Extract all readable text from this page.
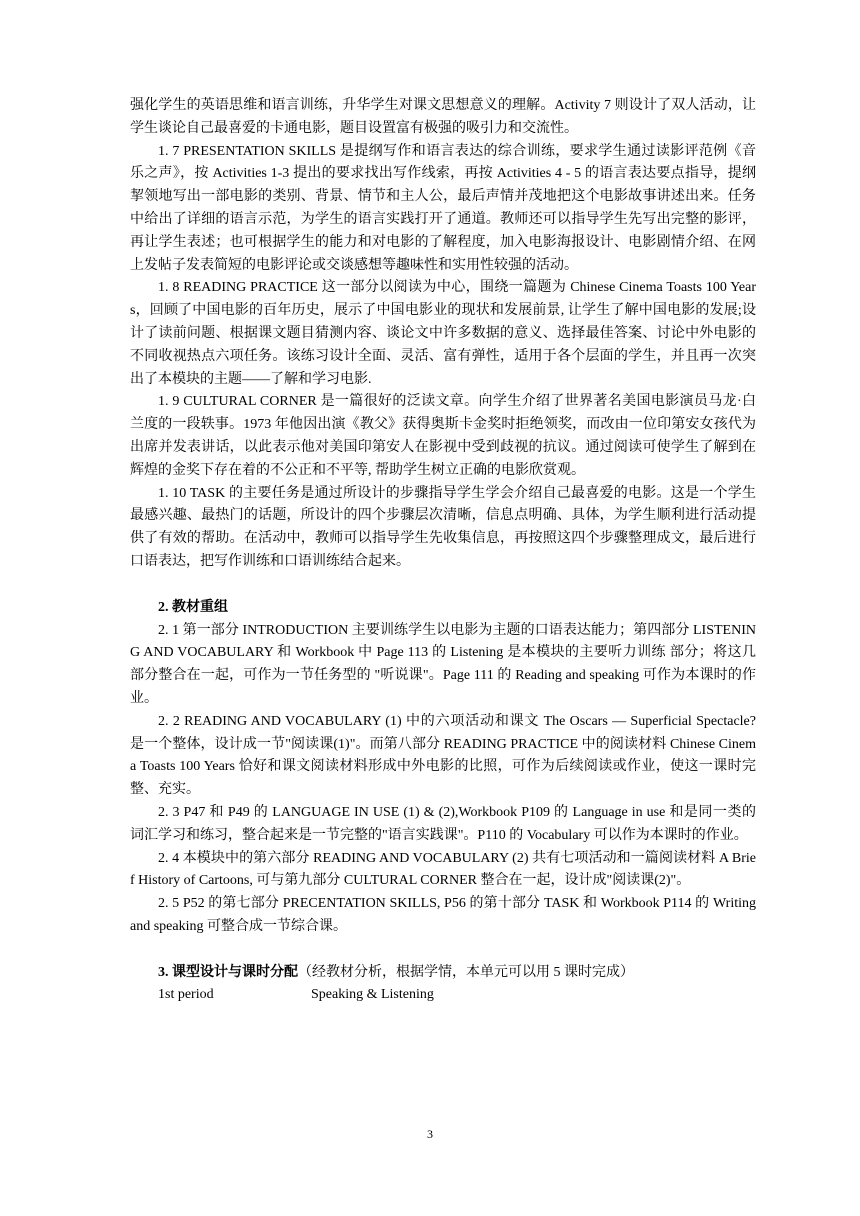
强化学生的英语思维和语言训练，升华学生对课文思想意义的理解。Activity 7 则设计了双人活动，让学生谈论自己最喜爱的卡通电影，题目设置富有极强的吸引力和交流性。

1. 7 PRESENTATION SKILLS 是提纲写作和语言表达的综合训练，要求学生通过读影评范例《音乐之声》，按 Activities 1-3 提出的要求找出写作线索，再按 Activities 4 - 5 的语言表达要点指导，提纲挈领地写出一部电影的类别、背景、情节和主人公，最后声情并茂地把这个电影故事讲述出来。任务中给出了详细的语言示范，为学生的语言实践打开了通道。教师还可以指导学生先写出完整的影评，再让学生表述；也可根据学生的能力和对电影的了解程度，加入电影海报设计、电影剧情介绍、在网上发帖子发表简短的电影评论或交谈感想等趣味性和实用性较强的活动。

1. 8 READING PRACTICE 这一部分以阅读为中心，围绕一篇题为 Chinese Cinema Toasts 100 Years，回顾了中国电影的百年历史，展示了中国电影业的现状和发展前景, 让学生了解中国电影的发展;设计了读前问题、根据课文题目猜测内容、谈论文中许多数据的意义、选择最佳答案、讨论中外电影的不同收视热点六项任务。该练习设计全面、灵活、富有弹性，适用于各个层面的学生，并且再一次突出了本模块的主题——了解和学习电影.

1. 9 CULTURAL CORNER 是一篇很好的泛读文章。向学生介绍了世界著名美国电影演员马龙·白兰度的一段轶事。1973 年他因出演《教父》获得奥斯卡金奖时拒绝领奖，而改由一位印第安女孩代为出席并发表讲话，以此表示他对美国印第安人在影视中受到歧视的抗议。通过阅读可使学生了解到在辉煌的金奖下存在着的不公正和不平等, 帮助学生树立正确的电影欣赏观。

1. 10 TASK 的主要任务是通过所设计的步骤指导学生学会介绍自己最喜爱的电影。这是一个学生最感兴趣、最热门的话题，所设计的四个步骤层次清晰，信息点明确、具体，为学生顺利进行活动提供了有效的帮助。在活动中，教师可以指导学生先收集信息，再按照这四个步骤整理成文，最后进行口语表达，把写作训练和口语训练结合起来。

2. 教材重组

2. 1 第一部分 INTRODUCTION 主要训练学生以电影为主题的口语表达能力；第四部分 LISTENING AND VOCABULARY 和 Workbook 中 Page 113 的 Listening 是本模块的主要听力训练 部分；将这几部分整合在一起，可作为一节任务型的 "听说课"。Page 111 的 Reading and speaking 可作为本课时的作业。

2. 2 READING AND VOCABULARY (1) 中的六项活动和课文 The Oscars — Superficial Spectacle? 是一个整体，设计成一节"阅读课(1)"。而第八部分 READING PRACTICE 中的阅读材料 Chinese Cinema Toasts 100 Years 恰好和课文阅读材料形成中外电影的比照，可作为后续阅读或作业，使这一课时完整、充实。

2. 3 P47 和 P49 的 LANGUAGE IN USE (1) & (2),Workbook P109 的 Language in use 和是同一类的词汇学习和练习，整合起来是一节完整的"语言实践课"。P110 的 Vocabulary 可以作为本课时的作业。

2. 4 本模块中的第六部分 READING AND VOCABULARY (2) 共有七项活动和一篇阅读材料 A Brief History of Cartoons, 可与第九部分 CULTURAL CORNER 整合在一起，设计成"阅读课(2)"。

2. 5 P52 的第七部分 PRECENTATION SKILLS, P56 的第十部分 TASK 和 Workbook P114 的 Writing and speaking 可整合成一节综合课。

3. 课型设计与课时分配（经教材分析，根据学情，本单元可以用 5 课时完成）

1st period	Speaking & Listening

3
